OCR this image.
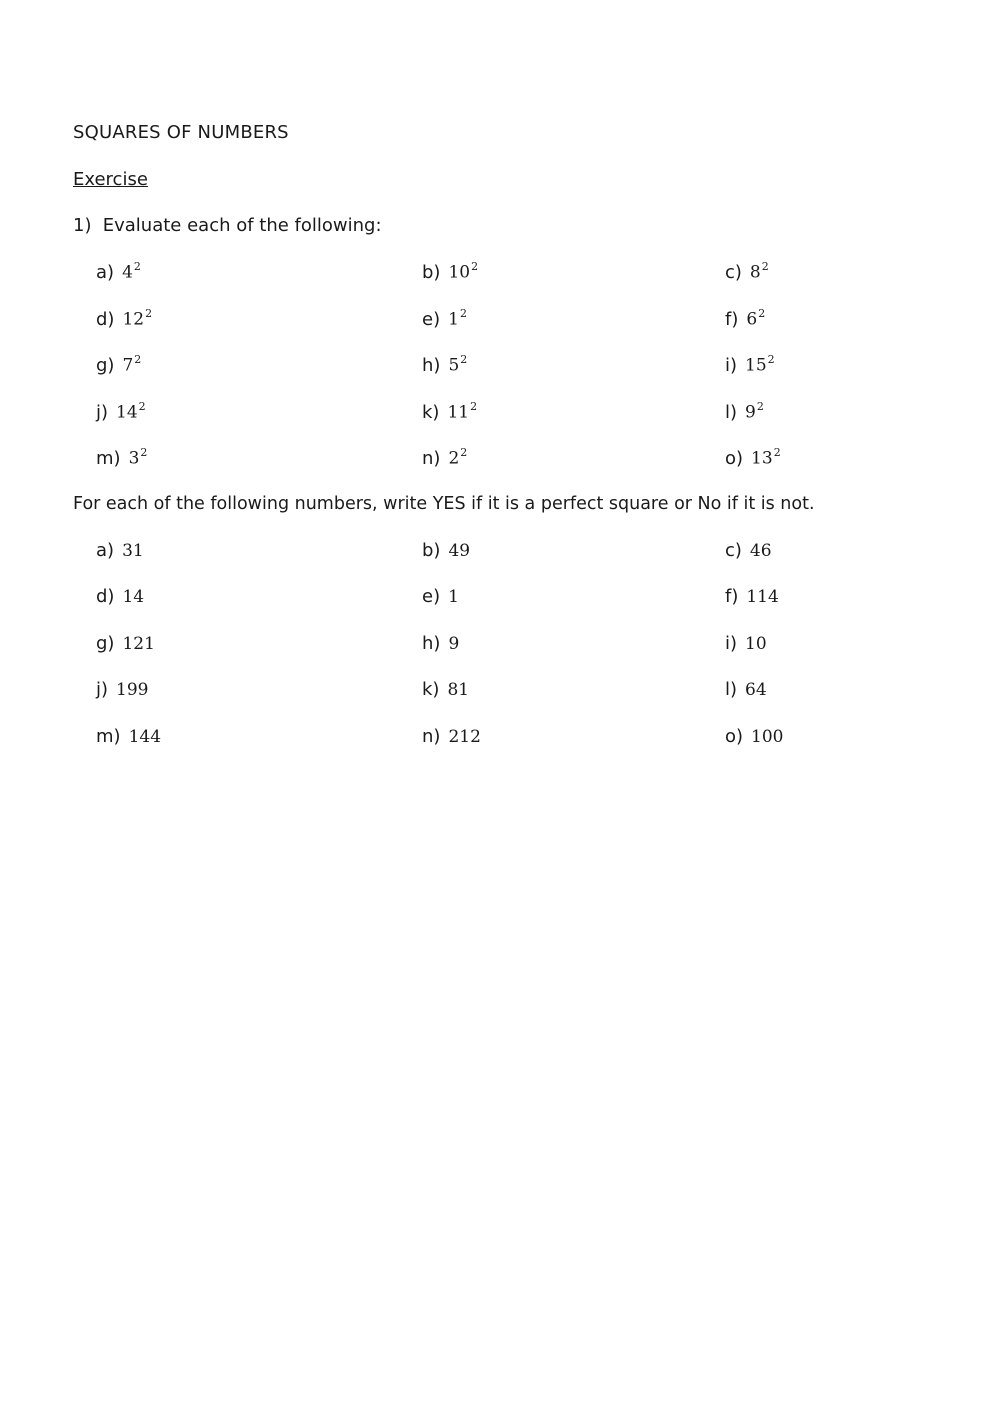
SQUARES OF NUMBERS
Exercise
1) Evaluate each of the following:
a) $4^2$	b) $10^2$	c) $8^2$
d) $12^2$	e) $1^2$	f) $6^2$
g) $7^2$	h) $5^2$	i) $15^2$
j) $14^2$	k) $11^2$	l) $9^2$
m) $3^2$	n) $2^2$	o) $13^2$
For each of the following numbers, write YES if it is a perfect square or No if it is not.
a) 31	b) 49	c) 46
d) 14	e) 1	f) 114
g) 121	h) 9	i) 10
j) 199	k) 81	l) 64
m) 144	n) 212	o) 100
